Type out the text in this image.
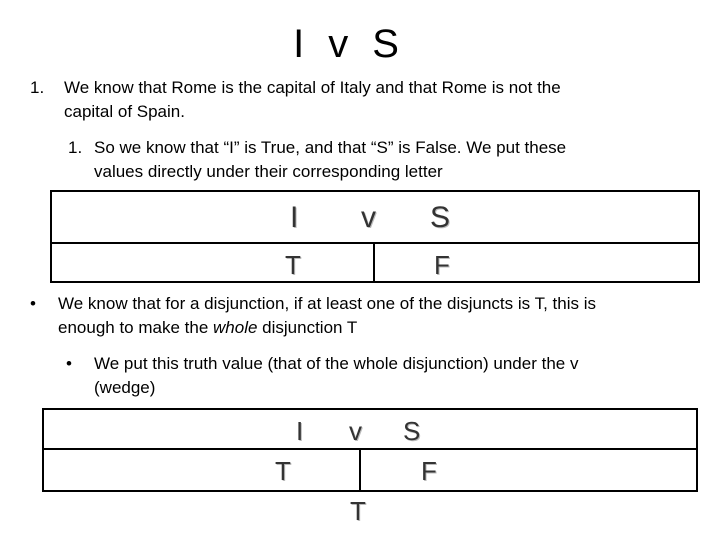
I v S
1. We know that Rome is the capital of Italy and that Rome is not the
capital of Spain.
1. So we know that “I” is True, and that “S” is False. We put these
values directly under their corresponding letter
I v S
T	F
• We know that for a disjunction, if at least one of the disjuncts is T, this is
enough to make the whole disjunction T
• We put this truth value (that of the whole disjunction) under the v
(wedge)
I v S
T	F
T
